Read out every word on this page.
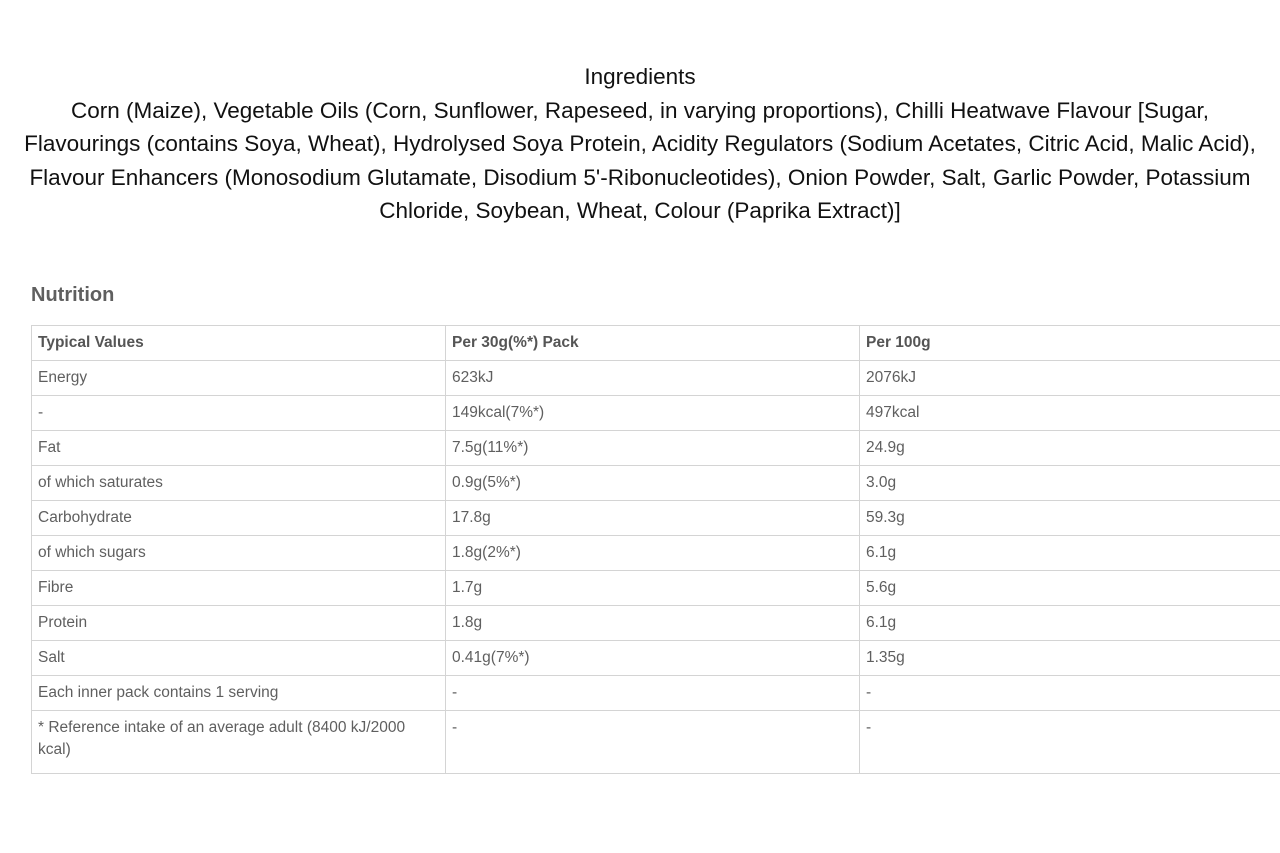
Ingredients
Corn (Maize), Vegetable Oils (Corn, Sunflower, Rapeseed, in varying proportions), Chilli Heatwave Flavour [Sugar, Flavourings (contains Soya, Wheat), Hydrolysed Soya Protein, Acidity Regulators (Sodium Acetates, Citric Acid, Malic Acid), Flavour Enhancers (Monosodium Glutamate, Disodium 5'-Ribonucleotides), Onion Powder, Salt, Garlic Powder, Potassium Chloride, Soybean, Wheat, Colour (Paprika Extract)]
Nutrition
Typical Values	Per 30g(%*) Pack	Per 100g
Energy	623kJ	2076kJ
-	149kcal(7%*)	497kcal
Fat	7.5g(11%*)	24.9g
of which saturates	0.9g(5%*)	3.0g
Carbohydrate	17.8g	59.3g
of which sugars	1.8g(2%*)	6.1g
Fibre	1.7g	5.6g
Protein	1.8g	6.1g
Salt	0.41g(7%*)	1.35g
Each inner pack contains 1 serving	-	-
* Reference intake of an average adult (8400 kJ/2000 kcal)	-	-
